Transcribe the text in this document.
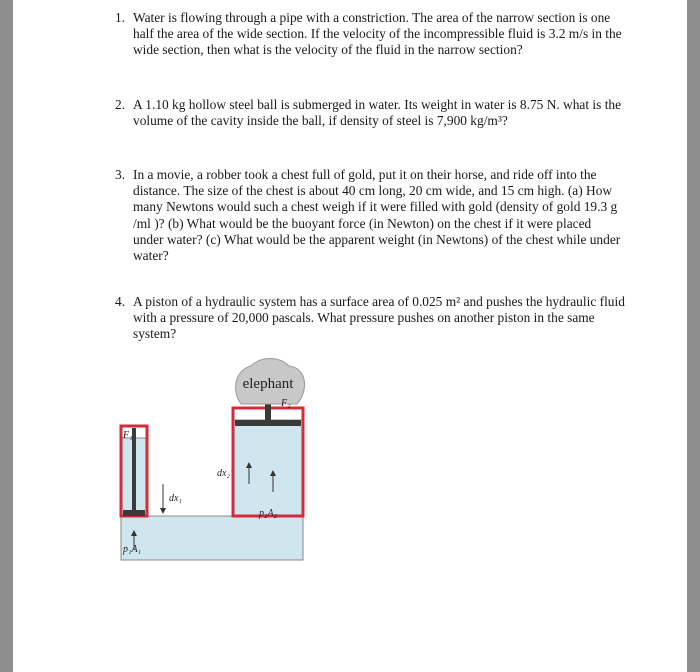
1. Water is flowing through a pipe with a constriction. The area of the narrow section is one half the area of the wide section. If the velocity of the incompressible fluid is 3.2 m/s in the wide section, then what is the velocity of the fluid in the narrow section?
2. A 1.10 kg hollow steel ball is submerged in water. Its weight in water is 8.75 N. what is the volume of the cavity inside the ball, if density of steel is 7,900 kg/m³?
3. In a movie, a robber took a chest full of gold, put it on their horse, and ride off into the distance. The size of the chest is about 40 cm long, 20 cm wide, and 15 cm high. (a) How many Newtons would such a chest weigh if it were filled with gold (density of gold 19.3 g /ml )? (b) What would be the buoyant force (in Newton) on the chest if it were placed under water? (c) What would be the apparent weight (in Newtons) of the chest while under water?
4. A piston of a hydraulic system has a surface area of 0.025 m² and pushes the hydraulic fluid with a pressure of 20,000 pascals. What pressure pushes on another piston in the same system?
elephant
F₂
F₁
dx₁
dx₂
p₂A₂
p₁A₁
